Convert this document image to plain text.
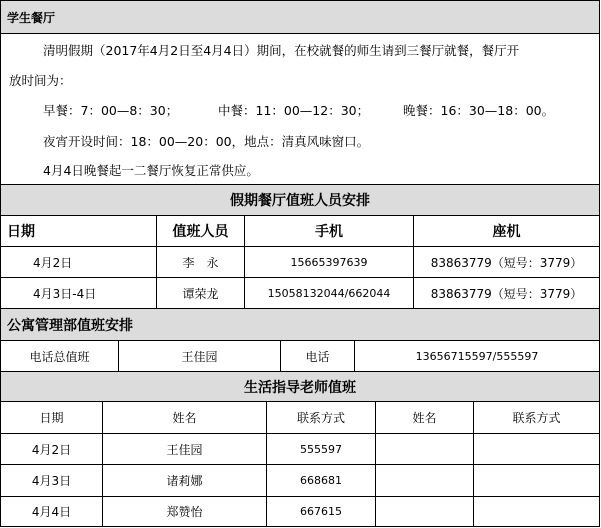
学生餐厅
清明假期（2017年4月2日至4月4日）期间，在校就餐的师生请到三餐厅就餐，餐厅开
放时间为：
早餐：7：00—8：30；	中餐：11：00—12：30；	晚餐：16：30—18：00。
夜宵开设时间：18：00—20：00，地点：清真风味窗口。
4月4日晚餐起一二餐厅恢复正常供应。
假期餐厅值班人员安排
日期	值班人员	手机	座机
4月2日	李　永	15665397639	83863779（短号：3779）
4月3日-4日	谭荣龙	15058132044/662044	83863779（短号：3779）
公寓管理部值班安排
电话总值班	王佳园	电话	13656715597/555597
生活指导老师值班
日期	姓名	联系方式	姓名	联系方式
4月2日	王佳园	555597
4月3日	诸莉娜	668681
4月4日	郑赞怡	667615
